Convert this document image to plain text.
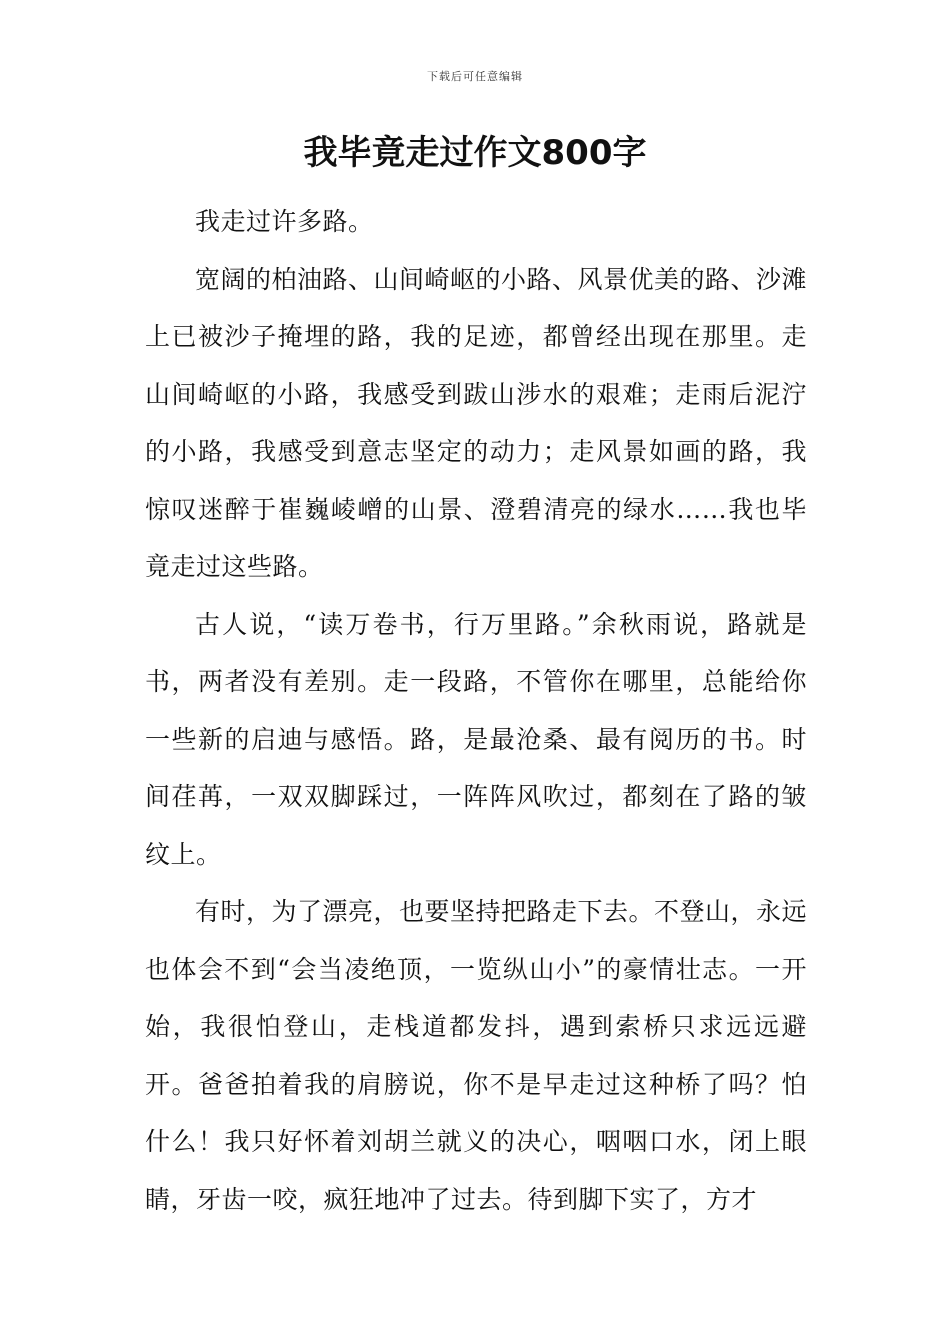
下载后可任意编辑
我毕竟走过作文800字

我走过许多路。

宽阔的柏油路、山间崎岖的小路、风景优美的路、沙滩上已被沙子掩埋的路，我的足迹，都曾经出现在那里。走山间崎岖的小路，我感受到跋山涉水的艰难；走雨后泥泞的小路，我感受到意志坚定的动力；走风景如画的路，我惊叹迷醉于崔巍崚嶒的山景、澄碧清亮的绿水……我也毕竟走过这些路。

古人说，“读万卷书，行万里路。”余秋雨说，路就是书，两者没有差别。走一段路，不管你在哪里，总能给你一些新的启迪与感悟。路，是最沧桑、最有阅历的书。时间荏苒，一双双脚踩过，一阵阵风吹过，都刻在了路的皱纹上。

有时，为了漂亮，也要坚持把路走下去。不登山，永远也体会不到“会当凌绝顶，一览纵山小”的豪情壮志。一开始，我很怕登山，走栈道都发抖，遇到索桥只求远远避开。爸爸拍着我的肩膀说，你不是早走过这种桥了吗？怕什么！我只好怀着刘胡兰就义的决心，咽咽口水，闭上眼睛，牙齿一咬，疯狂地冲了过去。待到脚下实了，方才
